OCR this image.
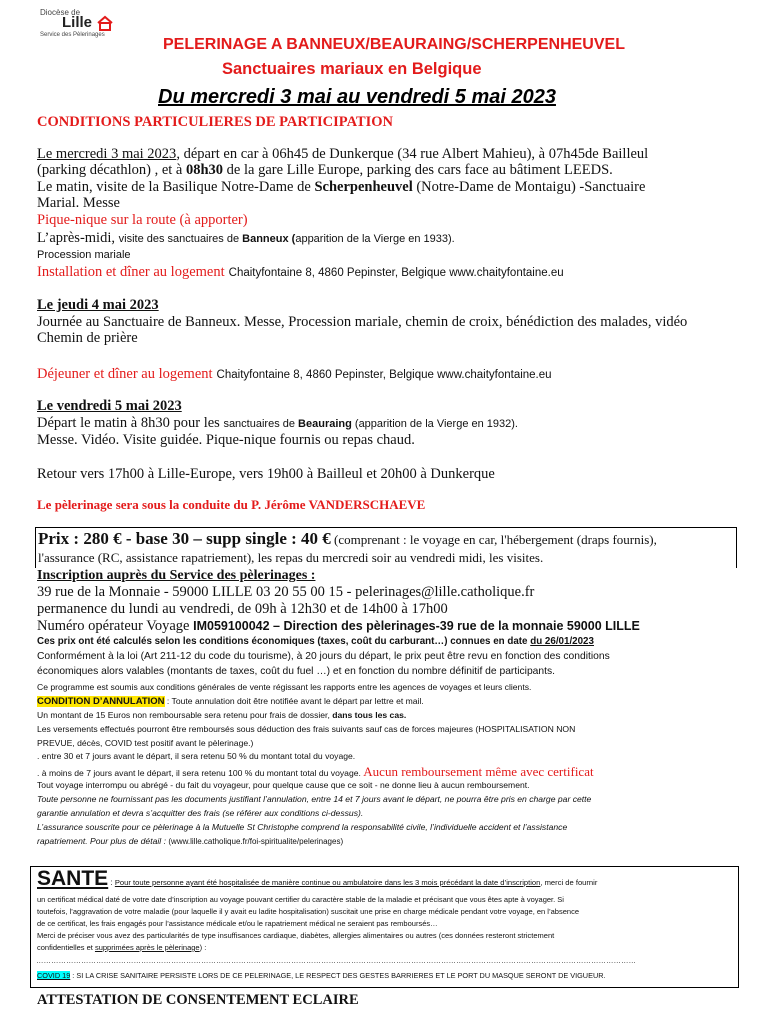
Diocèse de
Lille
Service des Pèlerinages
PELERINAGE A BANNEUX/BEAURAING/SCHERPENHEUVEL
Sanctuaires mariaux en Belgique
Du mercredi 3 mai au vendredi 5 mai 2023
CONDITIONS PARTICULIERES DE PARTICIPATION
Le mercredi 3 mai 2023, départ en car à 06h45 de Dunkerque (34 rue Albert Mahieu), à 07h45de Bailleul
(parking décathlon) , et à 08h30 de la gare Lille Europe, parking des cars face au bâtiment LEEDS.
Le matin, visite de la Basilique Notre-Dame de Scherpenheuvel (Notre-Dame de Montaigu) -Sanctuaire
Marial. Messe
Pique-nique sur la route (à apporter)
L’après-midi, visite des sanctuaires de Banneux (apparition de la Vierge en 1933).
Procession mariale
Installation et dîner au logement Chaityfontaine 8, 4860 Pepinster, Belgique www.chaityfontaine.eu
Le jeudi 4 mai 2023
Journée au Sanctuaire de Banneux. Messe, Procession mariale, chemin de croix, bénédiction des malades, vidéo
Chemin de prière
Déjeuner et dîner au logement Chaityfontaine 8, 4860 Pepinster, Belgique www.chaityfontaine.eu
Le vendredi 5 mai 2023
Départ le matin à 8h30 pour les sanctuaires de Beauraing (apparition de la Vierge en 1932).
Messe. Vidéo. Visite guidée. Pique-nique fournis ou repas chaud.
Retour vers 17h00 à Lille-Europe, vers 19h00 à Bailleul et 20h00 à Dunkerque
Le pèlerinage sera sous la conduite du P. Jérôme VANDERSCHAEVE
Prix : 280 € - base 30 – supp single : 40 € (comprenant : le voyage en car, l'hébergement (draps fournis),
l'assurance (RC, assistance rapatriement), les repas du mercredi soir au vendredi midi, les visites.
Inscription auprès du Service des pèlerinages :
39 rue de la Monnaie - 59000 LILLE 03 20 55 00 15 - pelerinages@lille.catholique.fr
permanence du lundi au vendredi, de 09h à 12h30 et de 14h00 à 17h00
Numéro opérateur Voyage IM059100042 – Direction des pèlerinages-39 rue de la monnaie 59000 LILLE
Ces prix ont été calculés selon les conditions économiques (taxes, coût du carburant…) connues en date du 26/01/2023
Conformément à la loi (Art 211-12 du code du tourisme), à 20 jours du départ, le prix peut être revu en fonction des conditions
économiques alors valables (montants de taxes, coût du fuel …) et en fonction du nombre définitif de participants.
Ce programme est soumis aux conditions générales de vente régissant les rapports entre les agences de voyages et leurs clients.
CONDITION D’ANNULATION : Toute annulation doit être notifiée avant le départ par lettre et mail.
Un montant de 15 Euros non remboursable sera retenu pour frais de dossier, dans tous les cas.
Les versements effectués pourront être remboursés sous déduction des frais suivants sauf cas de forces majeures (HOSPITALISATION NON
PREVUE, décès, COVID test positif avant le pèlerinage.)
. entre 30 et 7 jours avant le départ, il sera retenu 50 % du montant total du voyage.
. à moins de 7 jours avant le départ, il sera retenu 100 % du montant total du voyage. Aucun remboursement même avec certificat
Tout voyage interrompu ou abrégé - du fait du voyageur, pour quelque cause que ce soit - ne donne lieu à aucun remboursement.
Toute personne ne fournissant pas les documents justifiant l’annulation, entre 14 et 7 jours avant le départ, ne pourra être pris en charge par cette
garantie annulation et devra s’acquitter des frais (se référer aux conditions ci-dessus).
L’assurance souscrite pour ce pèlerinage à la Mutuelle St Christophe comprend la responsabilité civile, l’individuelle accident et l’assistance
rapatriement. Pour plus de détail : (www.lille.catholique.fr/foi-spiritualite/pelerinages)
SANTE : Pour toute personne ayant été hospitalisée de manière continue ou ambulatoire dans les 3 mois précédant la date d’inscription, merci de fournir
un certificat médical daté de votre date d’inscription au voyage pouvant certifier du caractère stable de la maladie et précisant que vous êtes apte à voyager. Si
toutefois, l’aggravation de votre maladie (pour laquelle il y avait eu ladite hospitalisation) suscitait une prise en charge médicale pendant votre voyage, en l’absence
de ce certificat, les frais engagés pour l’assistance médicale et/ou le rapatriement médical ne seraient pas remboursés…
Merci de préciser vous avez des particularités de type insuffisances cardiaque, diabètes, allergies alimentaires ou autres (ces données resteront strictement
confidentielles et supprimées après le pèlerinage) :
……………………………………………………………………………………………………………………………………………………………………………………………………………………
COVID 19 : SI LA CRISE SANITAIRE PERSISTE LORS DE CE PELERINAGE, LE RESPECT DES GESTES BARRIERES ET LE PORT DU MASQUE SERONT DE VIGUEUR.
ATTESTATION DE CONSENTEMENT ECLAIRE
